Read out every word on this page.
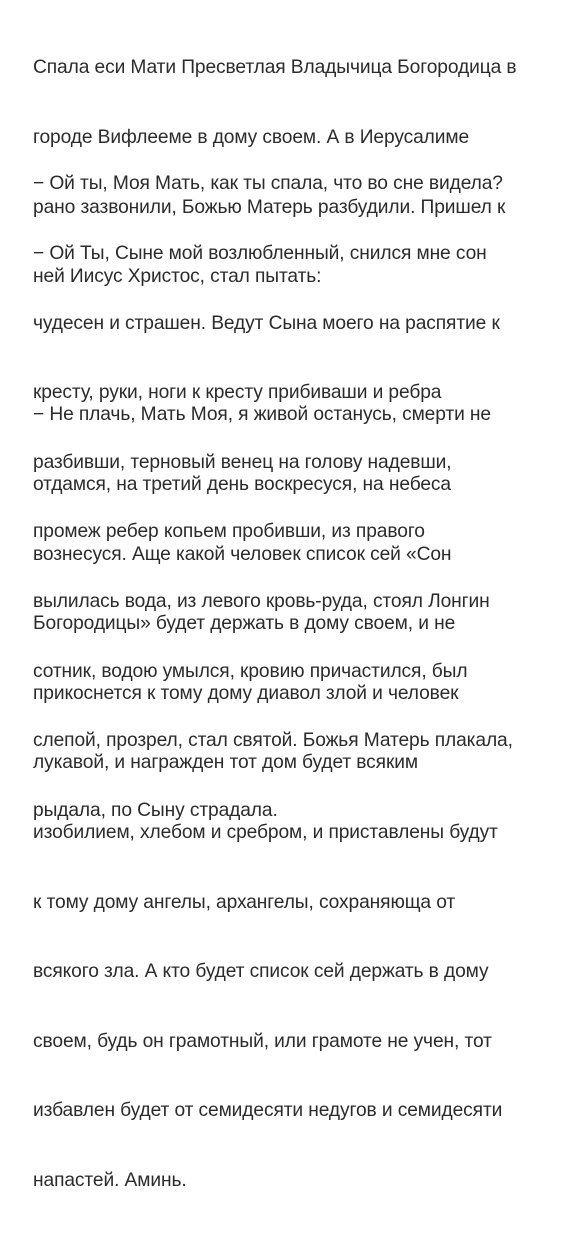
Спала еси Мати Пресветлая Владычица Богородица в

городе Вифлееме в дому своем. А в Иерусалиме

рано зазвонили, Божью Матерь разбудили. Пришел к

ней Иисус Христос, стал пытать:

− Ой ты, Моя Мать, как ты спала, что во сне видела?

− Ой Ты, Сыне мой возлюбленный, снился мне сон

чудесен и страшен. Ведут Сына моего на распятие к

кресту, руки, ноги к кресту прибиваши и ребра

разбивши, терновый венец на голову надевши,

промеж ребер копьем пробивши, из правого

вылилась вода, из левого кровь-руда, стоял Лонгин

сотник, водою умылся, кровию причастился, был

слепой, прозрел, стал святой. Божья Матерь плакала,

рыдала, по Сыну страдала.

− Не плачь, Мать Моя, я живой останусь, смерти не

отдамся, на третий день воскресуся, на небеса

вознесуся. Аще какой человек список сей «Сон

Богородицы» будет держать в дому своем, и не

прикоснется к тому дому диавол злой и человек

лукавой, и награжден тот дом будет всяким

изобилием, хлебом и сребром, и приставлены будут

к тому дому ангелы, архангелы, сохраняюща от

всякого зла. А кто будет список сей держать в дому

своем, будь он грамотный, или грамоте не учен, тот

избавлен будет от семидесяти недугов и семидесяти

напастей. Аминь.
